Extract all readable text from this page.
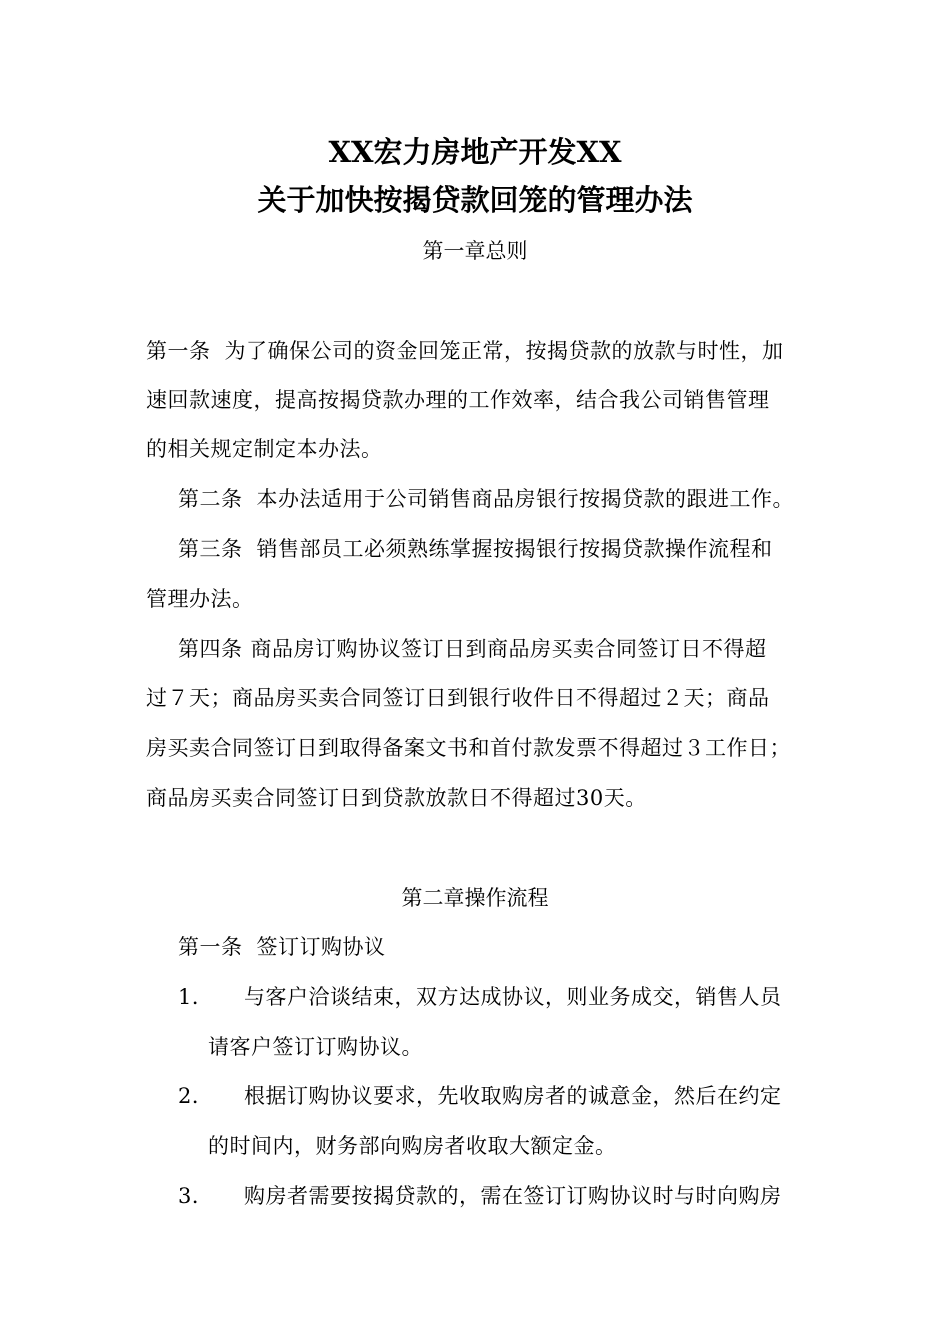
XX宏力房地产开发XX
关于加快按揭贷款回笼的管理办法
第一章总则
第一条 为了确保公司的资金回笼正常，按揭贷款的放款与时性，加
速回款速度，提高按揭贷款办理的工作效率，结合我公司销售管理
的相关规定制定本办法。
第二条 本办法适用于公司销售商品房银行按揭贷款的跟进工作。
第三条 销售部员工必须熟练掌握按揭银行按揭贷款操作流程和
管理办法。
第四条 商品房订购协议签订日到商品房买卖合同签订日不得超
过７天；商品房买卖合同签订日到银行收件日不得超过２天；商品
房买卖合同签订日到取得备案文书和首付款发票不得超过３工作日；
商品房买卖合同签订日到贷款放款日不得超过30天。
第二章操作流程
第一条 签订订购协议
1． 与客户洽谈结束，双方达成协议，则业务成交，销售人员
请客户签订订购协议。
2． 根据订购协议要求，先收取购房者的诚意金，然后在约定
的时间内，财务部向购房者收取大额定金。
3． 购房者需要按揭贷款的，需在签订订购协议时与时向购房
